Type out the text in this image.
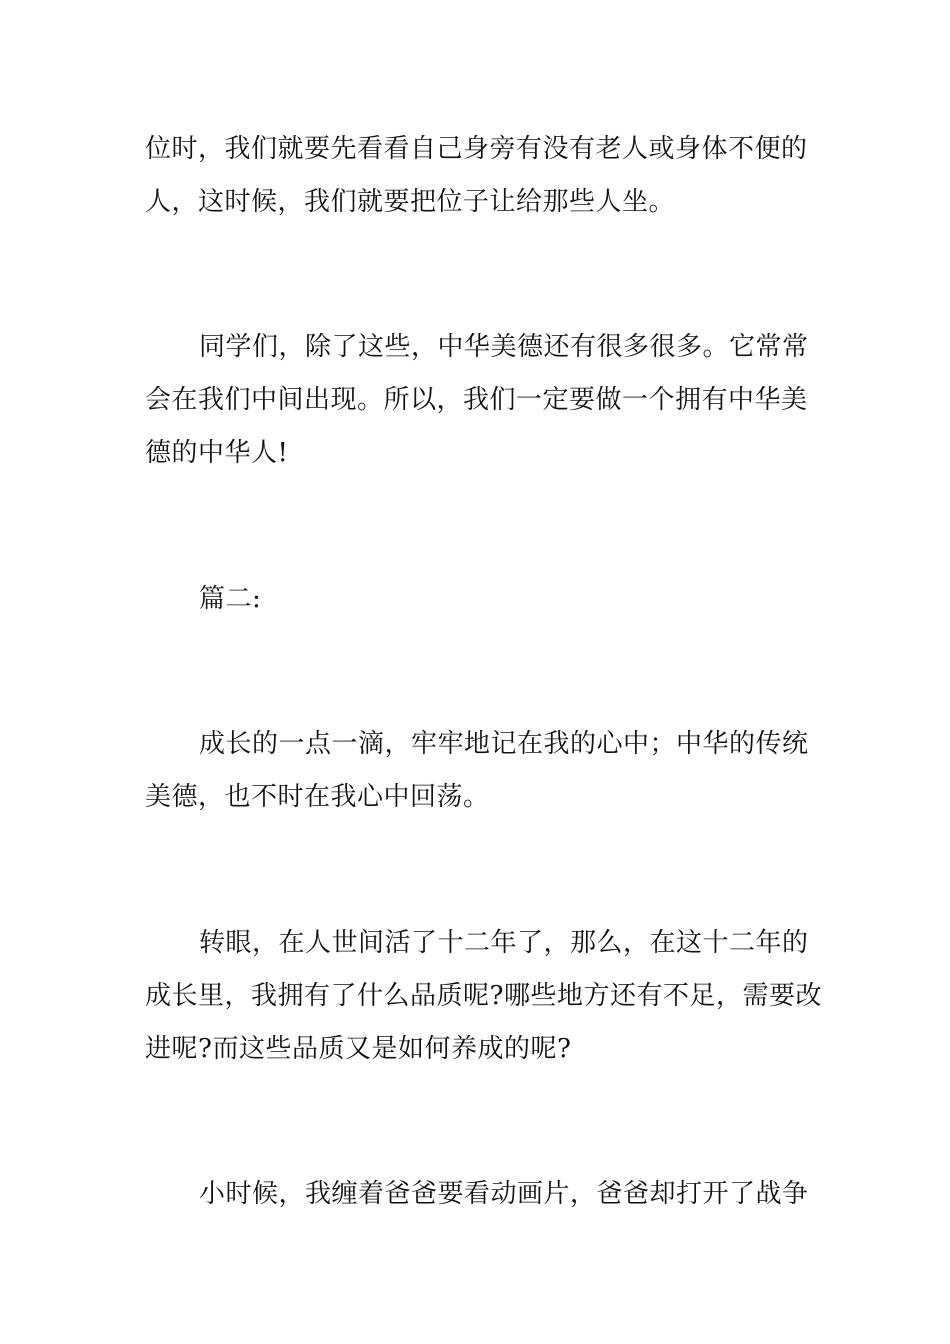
位时，我们就要先看看自己身旁有没有老人或身体不便的
人，这时候，我们就要把位子让给那些人坐。

同学们，除了这些，中华美德还有很多很多。它常常
会在我们中间出现。所以，我们一定要做一个拥有中华美
德的中华人!

篇二:

成长的一点一滴，牢牢地记在我的心中；中华的传统
美德，也不时在我心中回荡。

转眼，在人世间活了十二年了，那么，在这十二年的
成长里，我拥有了什么品质呢?哪些地方还有不足，需要改
进呢?而这些品质又是如何养成的呢?

小时候，我缠着爸爸要看动画片，爸爸却打开了战争
